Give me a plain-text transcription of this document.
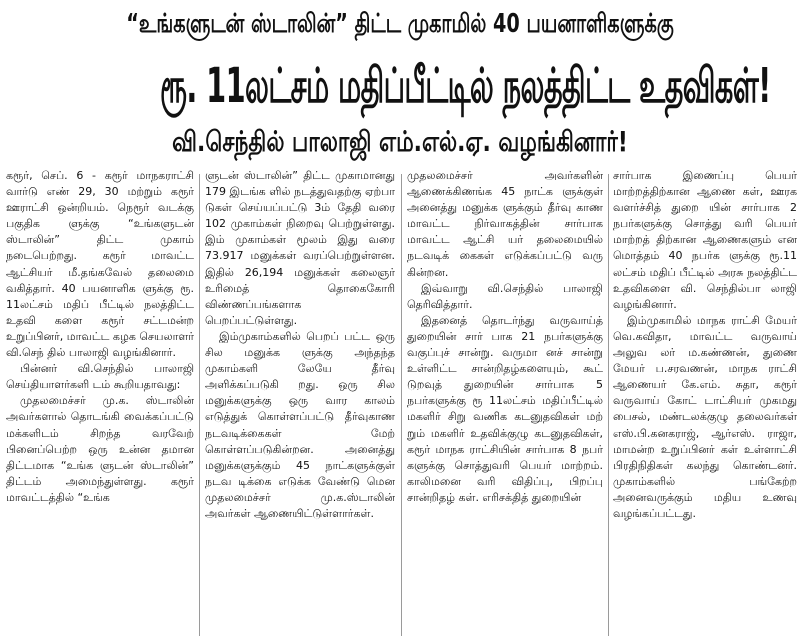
“உங்களுடன் ஸ்டாலின்” திட்ட முகாமில் 40 பயனாளிகளுக்கு
ரூ. 11லட்சம் மதிப்பீட்டில் நலத்திட்ட உதவிகள்!
வி.செந்தில் பாலாஜி எம்.எல்.ஏ. வழங்கினார்!

கரூர், செப். 6 - கரூர் மாநகராட்சி வார்டு எண் 29, 30 மற்றும் கரூர் ஊராட்சி ஒன்றியம். நெரூர் வடக்கு பகுதிக ளுக்கு “உங்களுடன் ஸ்டாலின்” திட்ட முகாம் நடைபெற்றது. கரூர் மாவட்ட ஆட்சியர் மீ.தங்கவேல் தலைமை வகித்தார். 40 பயனாளிக ளுக்கு ரூ. 11லட்சம் மதிப் பீட்டில் நலத்திட்ட உதவி களை கரூர் சட்டமன்ற உறுப்பினர், மாவட்ட கழக செயலாளர் வி.செந் தில் பாலாஜி வழங்கினார்.

பின்னர் வி.செந்தில் பாலாஜி செய்தியாளர்களி டம் கூறியதாவது:

முதலமைச்சர் மு.க. ஸ்டாலின் அவர்களால் தொடங்கி வைக்கப்பட்டு மக்களிடம் சிறந்த வரவேற் பினைப்பெற்ற ஒரு உன்ன தமான திட்டமாக “உங்க ளுடன் ஸ்டாலின்” திட்டம் அமைந்துள்ளது. கரூர் மாவட்டத்தில் “உங்க

ளுடன் ஸ்டாலின்” திட்ட முகாமானது 179 இடங்க ளில் நடத்துவதற்கு ஏற்பா டுகள் செய்யப்பட்டு 3ம் தேதி வரை 102 முகாம்கள் நிறைவு பெற்றுள்ளது. இம் முகாம்கள் மூலம் இது வரை 73.917 மனுக்கள் வரப்பெற்றுள்ளன. இதில் 26,194 மனுக்கள் கலைஞர் உரிமைத் தொகைகோரி விண்ணப்பங்களாக பெறப்பட்டுள்ளது.

இம்முகாம்களில் பெறப் பட்ட ஒரு சில மனுக்க ளுக்கு அந்தந்த முகாம்களி லேயே தீர்வு அளிக்கப்படுகி றது. ஒரு சில மனுக்களுக்கு ஒரு வார காலம் எடுத்துக் கொள்ளப்பட்டு தீர்வுகாண நடவடிக்கைகள் மேற் கொள்ளப்படுகின்றன. அனைத்து மனுக்களுக்கும் 45 நாட்களுக்குள் நடவ டிக்கை எடுக்க வேண்டு மென முதலமைச்சர் மு.க.ஸ்டாலின் அவர்கள் ஆணையிட்டுள்ளார்கள்.

முதலமைச்சர் அவர்களின் ஆணைக்கிணங்க 45 நாட்க ளுக்குள் அனைத்து மனுக்க ளுக்கும் தீர்வு காண மாவட்ட நிர்வாகத்தின் சார்பாக மாவட்ட ஆட்சி யர் தலைமையில் நடவடிக் கைகள் எடுக்கப்பட்டு வரு கின்றன.

இவ்வாறு வி.செந்தில் பாலாஜி தெரிவித்தார்.

இதனைத் தொடர்ந்து வருவாய்த் துறையின் சார் பாக 21 நபர்களுக்கு வகுப்புச் சான்று. வருமா னச் சான்று உள்ளிட்ட சான்றிதழ்களையும், கூட் டுறவுத் துறையின் சார்பாக 5 நபர்களுக்கு ரூ 11லட்சம் மதிப்பீட்டில் மகளிர் சிறு வணிக கடனுதவிகள் மற் றும் மகளிர் உதவிக்குழு கடனுதவிகள், கரூர் மாநக ராட்சியின் சார்பாக 8 நபர் களுக்கு சொத்துவரி பெயர் மாற்றம். காலிமனை வரி விதிப்பு, பிறப்பு சான்றிதழ் கள். எரிசக்தித் துறையின்

சார்பாக இணைப்பு பெயர் மாற்றத்திற்கான ஆணை கள், ஊரக வளர்ச்சித் துறை யின் சார்பாக 2 நபர்களுக்கு சொத்து வரி பெயர் மாற்றத் திற்கான ஆணைகளும் என மொத்தம் 40 நபர்க ளுக்கு ரூ.11 லட்சம் மதிப் பீட்டில் அரசு நலத்திட்ட உதவிகளை வி. செந்தில்பா லாஜி வழங்கினார்.

இம்முகாமில் மாநக ராட்சி மேயர் வெ.கவிதா, மாவட்ட வருவாய் அலுவ லர் ம.கண்ணன், துணை மேயர் ப.சரவணன், மாநக ராட்சி ஆணையர் கே.எம். சுதா, கரூர் வருவாய் கோட் டாட்சியர் முகமது பைசல், மண்டலக்குழு தலைவர்கள் எஸ்.பி.கனகராஜ், ஆர்எஸ். ராஜா, மாமன்ற உறுப்பினர் கள் உள்ளாட்சி பிரதிநிதிகள் கலந்து கொண்டனர். முகாம்களில் பங்கேற்ற அனைவருக்கும் மதிய உணவு வழங்கப்பட்டது.
